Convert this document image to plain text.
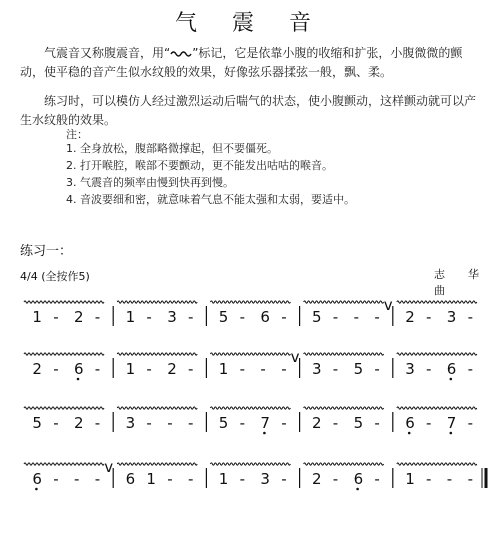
气 震 音
气震音又称腹震音，用“ ”标记，它是依靠小腹的收缩和扩张，小腹微微的颤动，使平稳的音产生似水纹般的效果，好像弦乐器揉弦一般，飘、柔。
练习时，可以模仿人经过激烈运动后喘气的状态，使小腹颤动，这样颤动就可以产生水纹般的效果。
注：
1. 全身放松，腹部略微撑起，但不要僵死。
2. 打开喉腔，喉部不要颤动，更不能发出咕咕的喉音。
3. 气震音的频率由慢到快再到慢。
4. 音波要细和密，就意味着气息不能太强和太弱，要适中。
练习一：
4/4 (全按作5)	志　华曲
1 - 2 - 1 - 3 - 5 - 6 - 5 - - -
v
2 - 3 -
2 - 6 - 1 - 2 - 1 - - -
v
3 - 5 - 3 - 6 -
5 - 2 - 3 - - - 5 - 7 - 2 - 5 - 6 - 7 -
6 - - -
v
6 1 - - 1 - 3 - 2 - 6 - 1 - - -
